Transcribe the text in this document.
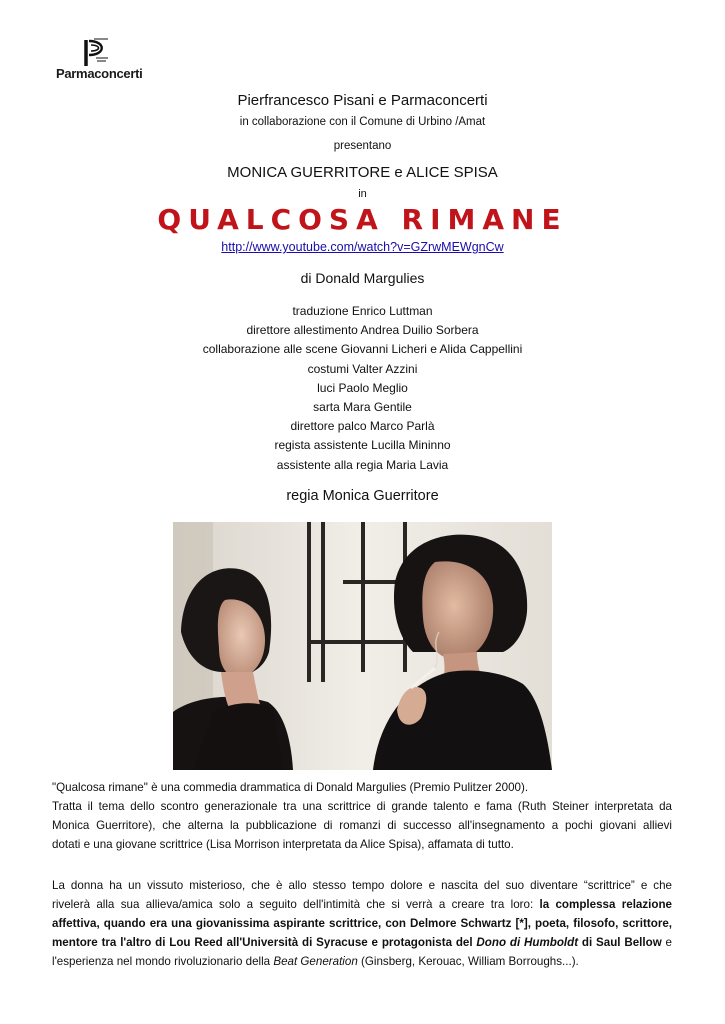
Parmaconcerti
Pierfrancesco Pisani e Parmaconcerti
in collaborazione con il Comune di Urbino /Amat
presentano
MONICA GUERRITORE e ALICE SPISA
in
QUALCOSA RIMANE
http://www.youtube.com/watch?v=GZrwMEWgnCw
di Donald Margulies
traduzione Enrico Luttman
direttore allestimento Andrea Duilio Sorbera
collaborazione alle scene Giovanni Licheri e Alida Cappellini
costumi Valter Azzini
luci Paolo Meglio
sarta Mara Gentile
direttore palco Marco Parlà
regista assistente Lucilla Mininno
assistente alla regia Maria Lavia
regia Monica Guerritore
"Qualcosa rimane" è una commedia drammatica di Donald Margulies (Premio Pulitzer 2000).
Tratta il tema dello scontro generazionale tra una scrittrice di grande talento e fama (Ruth Steiner interpretata da
Monica Guerritore), che alterna la pubblicazione di romanzi di successo all'insegnamento a pochi giovani allievi
dotati e una giovane scrittrice (Lisa Morrison interpretata da Alice Spisa), affamata di tutto.
La donna ha un vissuto misterioso, che è allo stesso tempo dolore e nascita del suo diventare “scrittrice” e che
rivelerà alla sua allieva/amica solo a seguito dell'intimità che si verrà a creare tra loro: la complessa relazione
affettiva, quando era una giovanissima aspirante scrittrice, con Delmore Schwartz [*], poeta, filosofo, scrittore,
mentore tra l'altro di Lou Reed all'Università di Syracuse e protagonista del Dono di Humboldt di Saul Bellow e
l'esperienza nel mondo rivoluzionario della Beat Generation (Ginsberg, Kerouac, William Borroughs...).
